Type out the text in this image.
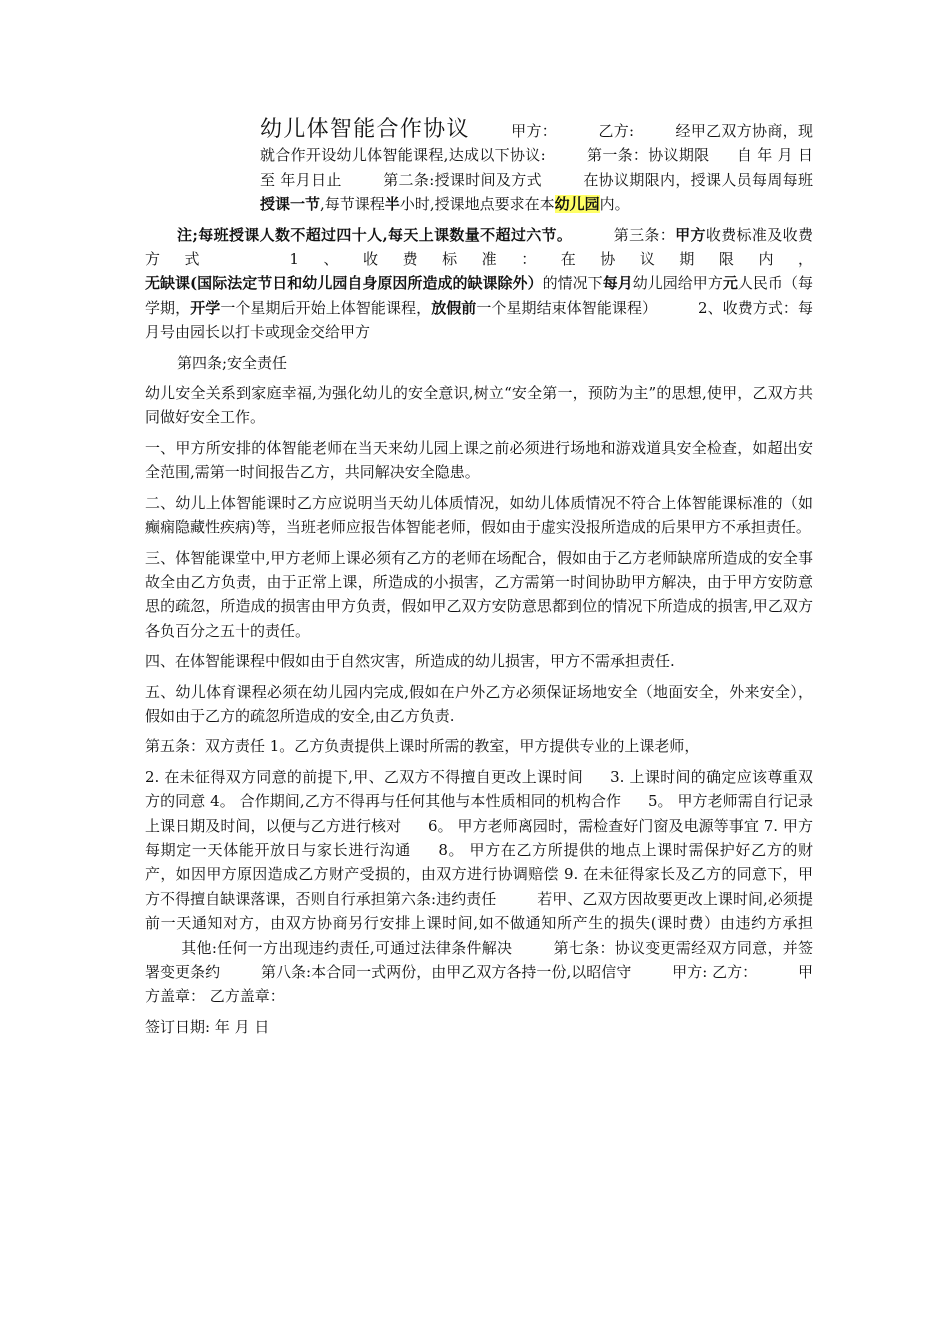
幼儿体智能合作协议	甲方：	乙方:	经甲乙双方协商，现就合作开设幼儿体智能课程,达成以下协议:	第一条：协议期限 自 年 月 日至 年月日止	第二条:授课时间及方式	在协议期限内，授课人员每周每班授课一节,每节课程半小时,授课地点要求在本幼儿园内。

注;每班授课人数不超过四十人,每天上课数量不超过六节。	第三条：甲方收费标准及收费方式	1、收费标准：在协议期限内，无缺课(国际法定节日和幼儿园自身原因所造成的缺课除外）的情况下每月幼儿园给甲方元人民币（每学期，开学一个星期后开始上体智能课程，放假前一个星期结束体智能课程）	2、收费方式：每月号由园长以打卡或现金交给甲方

第四条;安全责任

幼儿安全关系到家庭幸福,为强化幼儿的安全意识,树立“安全第一，预防为主”的思想,使甲，乙双方共同做好安全工作。

一、甲方所安排的体智能老师在当天来幼儿园上课之前必须进行场地和游戏道具安全检查，如超出安全范围,需第一时间报告乙方，共同解决安全隐患。

二、幼儿上体智能课时乙方应说明当天幼儿体质情况，如幼儿体质情况不符合上体智能课标准的（如癫痫隐藏性疾病)等，当班老师应报告体智能老师，假如由于虚实没报所造成的后果甲方不承担责任。

三、体智能课堂中,甲方老师上课必须有乙方的老师在场配合，假如由于乙方老师缺席所造成的安全事故全由乙方负责，由于正常上课，所造成的小损害，乙方需第一时间协助甲方解决，由于甲方安防意思的疏忽，所造成的损害由甲方负责，假如甲乙双方安防意思都到位的情况下所造成的损害,甲乙双方各负百分之五十的责任。

四、在体智能课程中假如由于自然灾害，所造成的幼儿损害，甲方不需承担责任.

五、幼儿体育课程必须在幼儿园内完成,假如在户外乙方必须保证场地安全（地面安全，外来安全），假如由于乙方的疏忽所造成的安全,由乙方负责.

第五条：双方责任 1。乙方负责提供上课时所需的教室，甲方提供专业的上课老师，

2. 在未征得双方同意的前提下,甲、乙双方不得擅自更改上课时间 3. 上课时间的确定应该尊重双方的同意 4。 合作期间,乙方不得再与任何其他与本性质相同的机构合作 5。 甲方老师需自行记录上课日期及时间，以便与乙方进行核对 6。 甲方老师离园时，需检查好门窗及电源等事宜 7. 甲方每期定一天体能开放日与家长进行沟通 8。 甲方在乙方所提供的地点上课时需保护好乙方的财产，如因甲方原因造成乙方财产受损的，由双方进行协调赔偿 9. 在未征得家长及乙方的同意下，甲方不得擅自缺课落课，否则自行承担第六条:违约责任	若甲、乙双方因故要更改上课时间,必须提前一天通知对方，由双方协商另行安排上课时间,如不做通知所产生的损失(课时费）由违约方承担 其他:任何一方出现违约责任,可通过法律条件解决	第七条：协议变更需经双方同意，并签署变更条约	第八条:本合同一式两份，由甲乙双方各持一份,以昭信守	甲方: 乙方：	甲方盖章： 乙方盖章：

签订日期: 年 月 日
